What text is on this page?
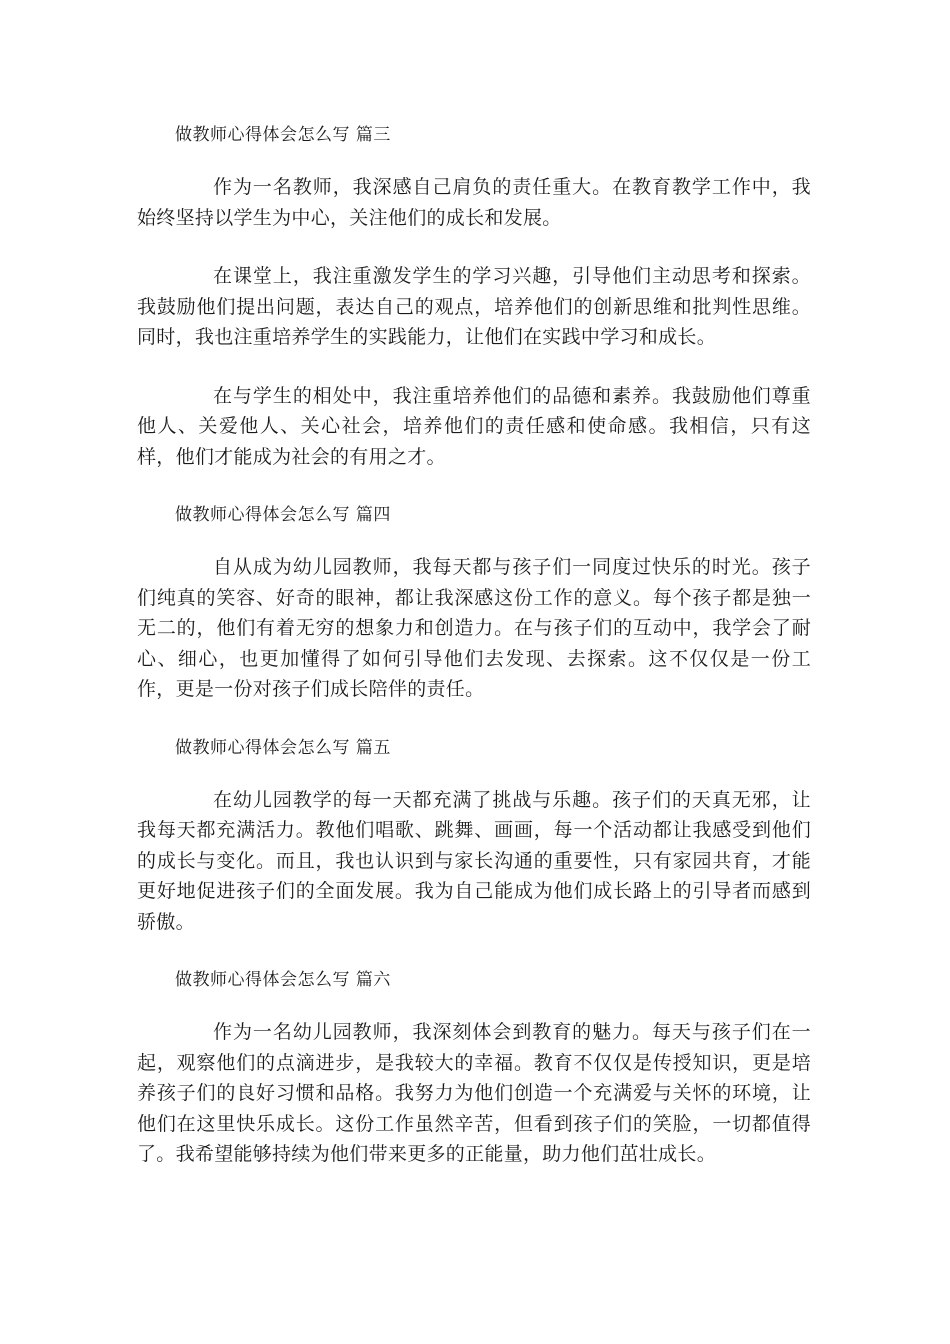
做教师心得体会怎么写 篇三

作为一名教师，我深感自己肩负的责任重大。在教育教学工作中，我始终坚持以学生为中心，关注他们的成长和发展。

在课堂上，我注重激发学生的学习兴趣，引导他们主动思考和探索。我鼓励他们提出问题，表达自己的观点，培养他们的创新思维和批判性思维。同时，我也注重培养学生的实践能力，让他们在实践中学习和成长。

在与学生的相处中，我注重培养他们的品德和素养。我鼓励他们尊重他人、关爱他人、关心社会，培养他们的责任感和使命感。我相信，只有这样，他们才能成为社会的有用之才。

做教师心得体会怎么写 篇四

自从成为幼儿园教师，我每天都与孩子们一同度过快乐的时光。孩子们纯真的笑容、好奇的眼神，都让我深感这份工作的意义。每个孩子都是独一无二的，他们有着无穷的想象力和创造力。在与孩子们的互动中，我学会了耐心、细心，也更加懂得了如何引导他们去发现、去探索。这不仅仅是一份工作，更是一份对孩子们成长陪伴的责任。

做教师心得体会怎么写 篇五

在幼儿园教学的每一天都充满了挑战与乐趣。孩子们的天真无邪，让我每天都充满活力。教他们唱歌、跳舞、画画，每一个活动都让我感受到他们的成长与变化。而且，我也认识到与家长沟通的重要性，只有家园共育，才能更好地促进孩子们的全面发展。我为自己能成为他们成长路上的引导者而感到骄傲。

做教师心得体会怎么写 篇六

作为一名幼儿园教师，我深刻体会到教育的魅力。每天与孩子们在一起，观察他们的点滴进步，是我较大的幸福。教育不仅仅是传授知识，更是培养孩子们的良好习惯和品格。我努力为他们创造一个充满爱与关怀的环境，让他们在这里快乐成长。这份工作虽然辛苦，但看到孩子们的笑脸，一切都值得了。我希望能够持续为他们带来更多的正能量，助力他们茁壮成长。
